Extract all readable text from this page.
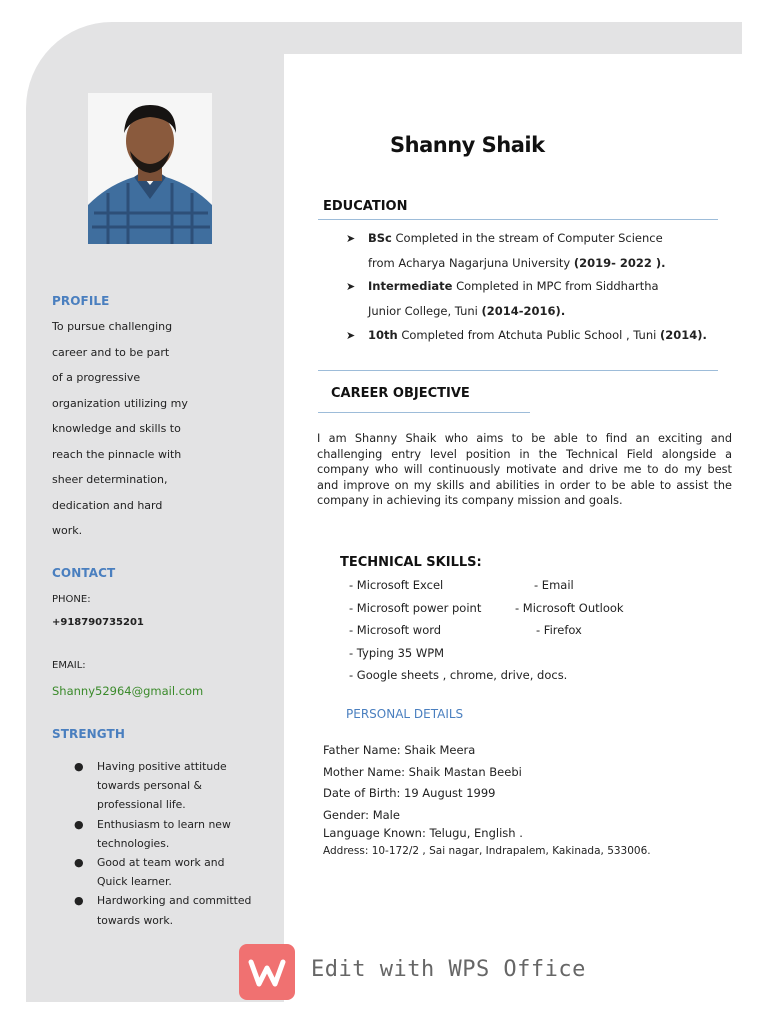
PROFILE
To pursue challenging
career and to be part
of a progressive
organization utilizing my
knowledge and skills to
reach the pinnacle with
sheer determination,
dedication and hard
work.
CONTACT
PHONE:
+918790735201
EMAIL:
Shanny52964@gmail.com
STRENGTH
● Having positive attitude
towards personal &
professional life.
● Enthusiasm to learn new
technologies.
● Good at team work and
Quick learner.
● Hardworking and committed
towards work.
Shanny Shaik
EDUCATION
➤ BSc Completed in the stream of Computer Science
from Acharya Nagarjuna University (2019- 2022 ).
➤ Intermediate Completed in MPC from Siddhartha
Junior College, Tuni (2014-2016).
➤ 10th Completed from Atchuta Public School , Tuni (2014).
CAREER OBJECTIVE
I am Shanny Shaik who aims to be able to find an exciting and challenging entry level position in the Technical Field alongside a company who will continuously motivate and drive me to do my best and improve on my skills and abilities in order to be able to assist the company in achieving its company mission and goals.
TECHNICAL SKILLS:
- Microsoft Excel	- Email
- Microsoft power point	- Microsoft Outlook
- Microsoft word	- Firefox
- Typing 35 WPM
- Google sheets , chrome, drive, docs.
PERSONAL DETAILS
Father Name: Shaik Meera
Mother Name: Shaik Mastan Beebi
Date of Birth: 19 August 1999
Gender: Male
Language Known: Telugu, English .
Address: 10-172/2 , Sai nagar, Indrapalem, Kakinada, 533006.
Edit with WPS Office
